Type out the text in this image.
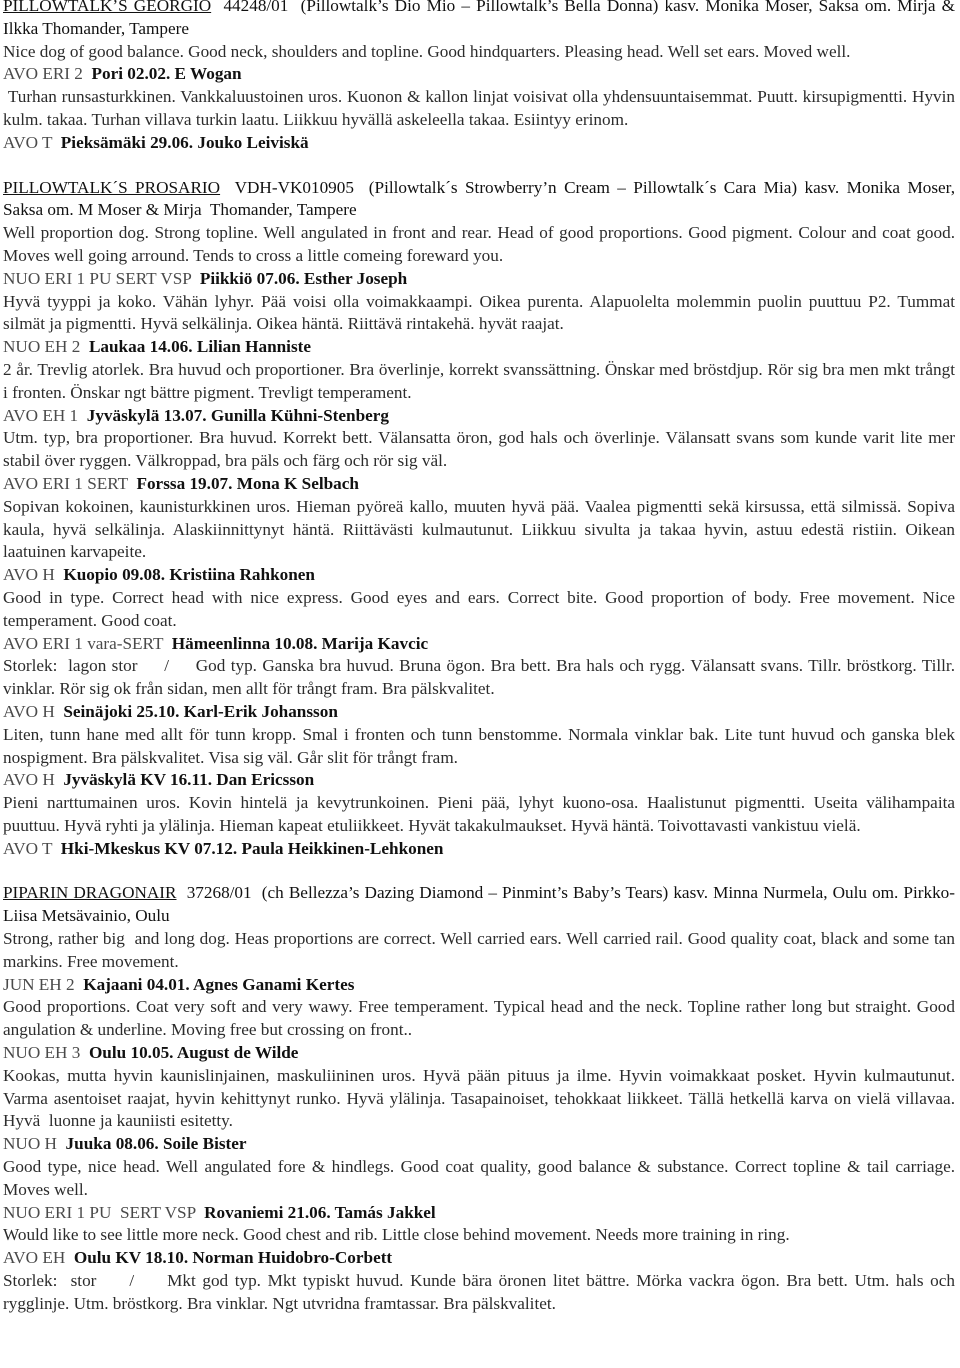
PILLOWTALK’S GEORGIO  44248/01  (Pillowtalk’s Dio Mio – Pillowtalk’s Bella Donna) kasv. Monika Moser, Saksa om. Mirja & Ilkka Thomander, Tampere

Nice dog of good balance. Good neck, shoulders and topline. Good hindquarters. Pleasing head. Well set ears. Moved well.

AVO ERI 2  Pori 02.02. E Wogan

Turhan runsasturkkinen. Vankkaluustoinen uros. Kuonon & kallon linjat voisivat olla yhdensuuntaisemmat. Puutt. kirsupigmentti. Hyvin kulm. takaa. Turhan villava turkin laatu. Liikkuu hyvällä askeleella takaa. Esiintyy erinom.

AVO T  Pieksämäki 29.06. Jouko Leiviskä

PILLOWTALK´S PROSARIO  VDH-VK010905  (Pillowtalk´s Strowberry’n Cream – Pillowtalk´s Cara Mia) kasv. Monika Moser, Saksa om. M Moser & Mirja  Thomander, Tampere

Well proportion dog. Strong topline. Well angulated in front and rear. Head of good proportions. Good pigment. Colour and coat good. Moves well going arround. Tends to cross a little comeing foreward you.

NUO ERI 1 PU SERT VSP  Piikkiö 07.06. Esther Joseph

Hyvä tyyppi ja koko. Vähän lyhyr. Pää voisi olla voimakkaampi. Oikea purenta. Alapuolelta molemmin puolin puuttuu P2. Tummat silmät ja pigmentti. Hyvä selkälinja. Oikea häntä. Riittävä rintakehä. hyvät raajat.

NUO EH 2  Laukaa 14.06. Lilian Hanniste

2 år. Trevlig atorlek. Bra huvud och proportioner. Bra överlinje, korrekt svanssättning. Önskar med bröstdjup. Rör sig bra men mkt trångt i fronten. Önskar ngt bättre pigment. Trevligt temperament.

AVO EH 1  Jyväskylä 13.07. Gunilla Kühni-Stenberg

Utm. typ, bra proportioner. Bra huvud. Korrekt bett. Välansatta öron, god hals och överlinje. Välansatt svans som kunde varit lite mer stabil över ryggen. Välkroppad, bra päls och färg och rör sig väl.

AVO ERI 1 SERT  Forssa 19.07. Mona K Selbach

Sopivan kokoinen, kaunisturkkinen uros. Hieman pyöreä kallo, muuten hyvä pää. Vaalea pigmentti sekä kirsussa, että silmissä. Sopiva kaula, hyvä selkälinja. Alaskiinnittynyt häntä. Riittävästi kulmautunut. Liikkuu sivulta ja takaa hyvin, astuu edestä ristiin. Oikean laatuinen karvapeite.

AVO H  Kuopio 09.08. Kristiina Rahkonen

Good in type. Correct head with nice express. Good eyes and ears. Correct bite. Good proportion of body. Free movement. Nice temperament. Good coat.

AVO ERI 1 vara-SERT  Hämeenlinna 10.08. Marija Kavcic

Storlek:  lagon stor     /     God typ. Ganska bra huvud. Bruna ögon. Bra bett. Bra hals och rygg. Välansatt svans. Tillr. bröstkorg. Tillr. vinklar. Rör sig ok från sidan, men allt för trångt fram. Bra pälskvalitet.

AVO H  Seinäjoki 25.10. Karl-Erik Johansson

Liten, tunn hane med allt för tunn kropp. Smal i fronten och tunn benstomme. Normala vinklar bak. Lite tunt huvud och ganska blek nospigment. Bra pälskvalitet. Visa sig väl. Går slit för trångt fram.

AVO H  Jyväskylä KV 16.11. Dan Ericsson

Pieni narttumainen uros. Kovin hintelä ja kevytrunkoinen. Pieni pää, lyhyt kuono-osa. Haalistunut pigmentti. Useita välihampaita puuttuu. Hyvä ryhti ja ylälinja. Hieman kapeat etuliikkeet. Hyvät takakulmaukset. Hyvä häntä. Toivottavasti vankistuu vielä.

AVO T  Hki-Mkeskus KV 07.12. Paula Heikkinen-Lehkonen

PIPARIN DRAGONAIR  37268/01  (ch Bellezza’s Dazing Diamond – Pinmint’s Baby’s Tears) kasv. Minna Nurmela, Oulu om. Pirkko-Liisa Metsävainio, Oulu

Strong, rather big  and long dog. Heas proportions are correct. Well carried ears. Well carried rail. Good quality coat, black and some tan markins. Free movement.

JUN EH 2  Kajaani 04.01. Agnes Ganami Kertes

Good proportions. Coat very soft and very wawy. Free temperament. Typical head and the neck. Topline rather long but straight. Good angulation & underline. Moving free but crossing on front..

NUO EH 3  Oulu 10.05. August de Wilde

Kookas, mutta hyvin kaunislinjainen, maskuliininen uros. Hyvä pään pituus ja ilme. Hyvin voimakkaat posket. Hyvin kulmautunut. Varma asentoiset raajat, hyvin kehittynyt runko. Hyvä ylälinja. Tasapainoiset, tehokkaat liikkeet. Tällä hetkellä karva on vielä villavaa. Hyvä  luonne ja kauniisti esitetty.

NUO H  Juuka 08.06. Soile Bister

Good type, nice head. Well angulated fore & hindlegs. Good coat quality, good balance & substance. Correct topline & tail carriage. Moves well.

NUO ERI 1 PU  SERT VSP  Rovaniemi 21.06. Tamás Jakkel

Would like to see little more neck. Good chest and rib. Little close behind movement. Needs more training in ring.

AVO EH  Oulu KV 18.10. Norman Huidobro-Corbett

Storlek:  stor     /     Mkt god typ. Mkt typiskt huvud. Kunde bära öronen litet bättre. Mörka vackra ögon. Bra bett. Utm. hals och rygglinje. Utm. bröstkorg. Bra vinklar. Ngt utvridna framtassar. Bra pälskvalitet.
